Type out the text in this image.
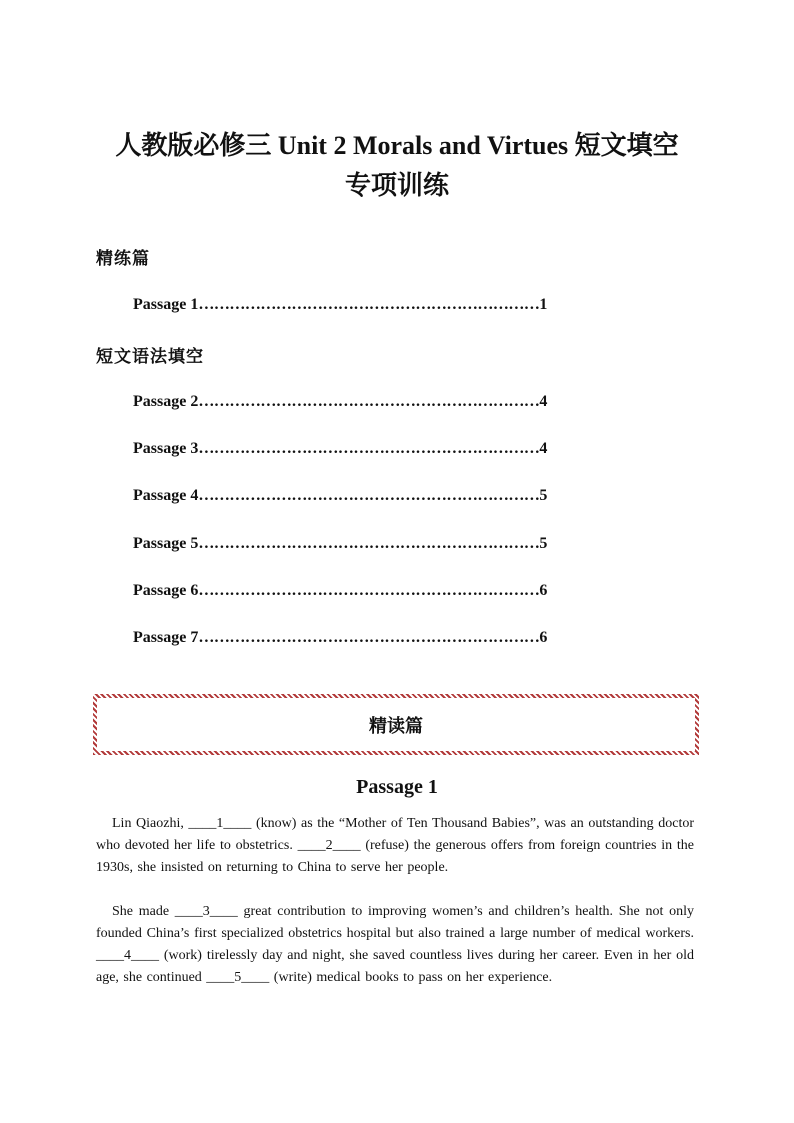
人教版必修三 Unit 2 Morals and Virtues 短文填空
专项训练
精练篇
Passage 1…………………………………………………………1
短文语法填空
Passage 2…………………………………………………………4
Passage 3…………………………………………………………4
Passage 4…………………………………………………………5
Passage 5…………………………………………………………5
Passage 6…………………………………………………………6
Passage 7…………………………………………………………6
精读篇
Passage 1
Lin Qiaozhi, ____1____ (know) as the “Mother of Ten Thousand Babies”, was an outstanding doctor who devoted her life to obstetrics. ____2____ (refuse) the generous offers from foreign countries in the 1930s, she insisted on returning to China to serve her people.
She made ____3____ great contribution to improving women’s and children’s health. She not only founded China’s first specialized obstetrics hospital but also trained a large number of medical workers. ____4____ (work) tirelessly day and night, she saved countless lives during her career. Even in her old age, she continued ____5____ (write) medical books to pass on her experience.
